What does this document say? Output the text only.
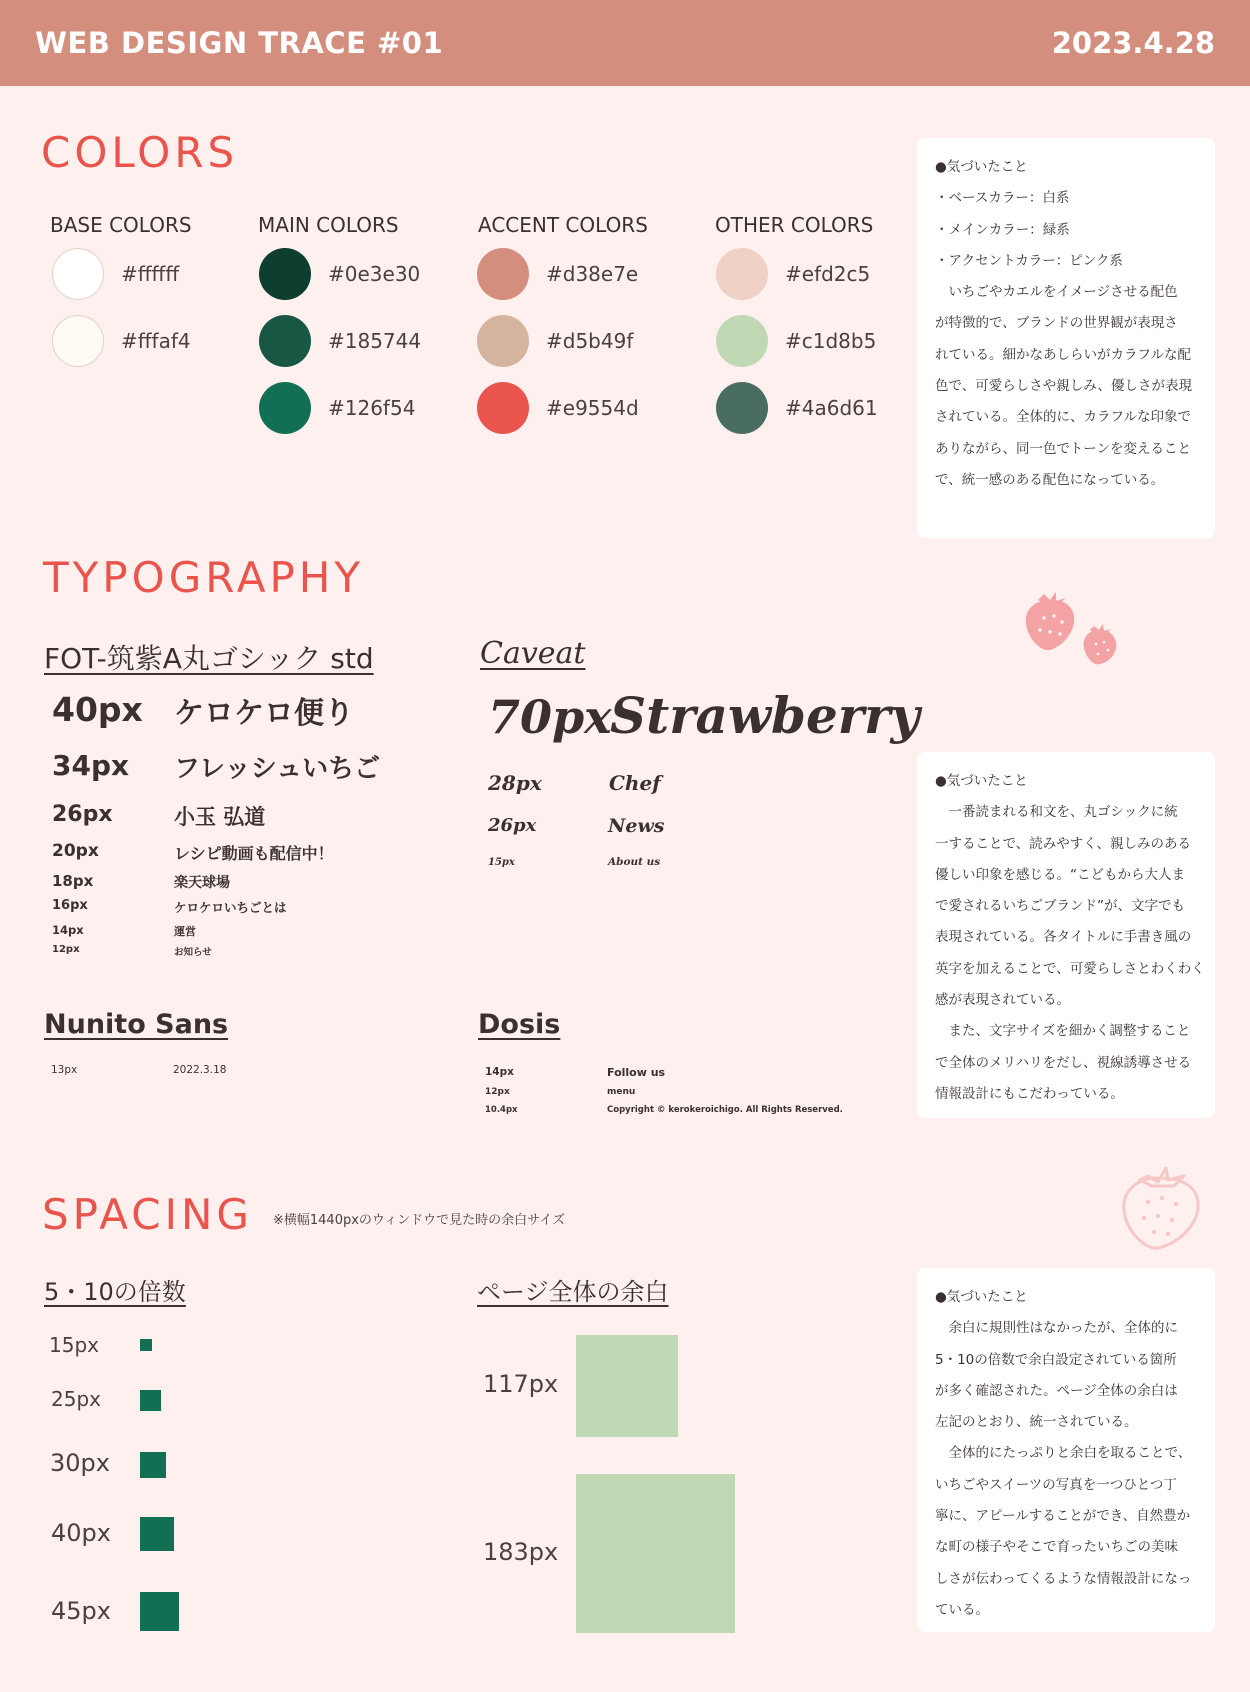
WEB DESIGN TRACE #01	2023.4.28
COLORS
BASE COLORS
#ffffff
#fffaf4
MAIN COLORS
#0e3e30
#185744
#126f54
ACCENT COLORS
#d38e7e
#d5b49f
#e9554d
OTHER COLORS
#efd2c5
#c1d8b5
#4a6d61
●気づいたこと
・ベースカラー：白系
・メインカラー：緑系
・アクセントカラー：ピンク系
　いちごやカエルをイメージさせる配色
が特徴的で、ブランドの世界観が表現さ
れている。細かなあしらいがカラフルな配
色で、可愛らしさや親しみ、優しさが表現
されている。全体的に、カラフルな印象で
ありながら、同一色でトーンを変えること
で、統一感のある配色になっている。
TYPOGRAPHY
FOT-筑紫A丸ゴシック std
40px ケロケロ便り
34px フレッシュいちご
26px	小玉 弘道
20px	レシピ動画も配信中！
18px	楽天球場
16px	ケロケロいちごとは
14px	運営
12px	お知らせ
Caveat
70px
Strawberry
28px	Chef
26px	News
15px	About us
Nunito Sans
13px	2022.3.18
Dosis
14px	Follow us
12px	menu
10.4px	Copyright © kerokeroichigo. All Rights Reserved.
●気づいたこと
　一番読まれる和文を、丸ゴシックに統
一することで、読みやすく、親しみのある
優しい印象を感じる。“こどもから大人ま
で愛されるいちごブランド”が、文字でも
表現されている。各タイトルに手書き風の
英字を加えることで、可愛らしさとわくわく
感が表現されている。
　また、文字サイズを細かく調整すること
で全体のメリハリをだし、視線誘導させる
情報設計にもこだわっている。
SPACING ※横幅1440pxのウィンドウで見た時の余白サイズ
5・10の倍数
15px
25px
30px
40px
45px
ページ全体の余白
117px
183px
●気づいたこと
　余白に規則性はなかったが、全体的に
5・10の倍数で余白設定されている箇所
が多く確認された。ページ全体の余白は
左記のとおり、統一されている。
　全体的にたっぷりと余白を取ることで、
いちごやスイーツの写真を一つひとつ丁
寧に、アピールすることができ、自然豊か
な町の様子やそこで育ったいちごの美味
しさが伝わってくるような情報設計になっ
ている。
